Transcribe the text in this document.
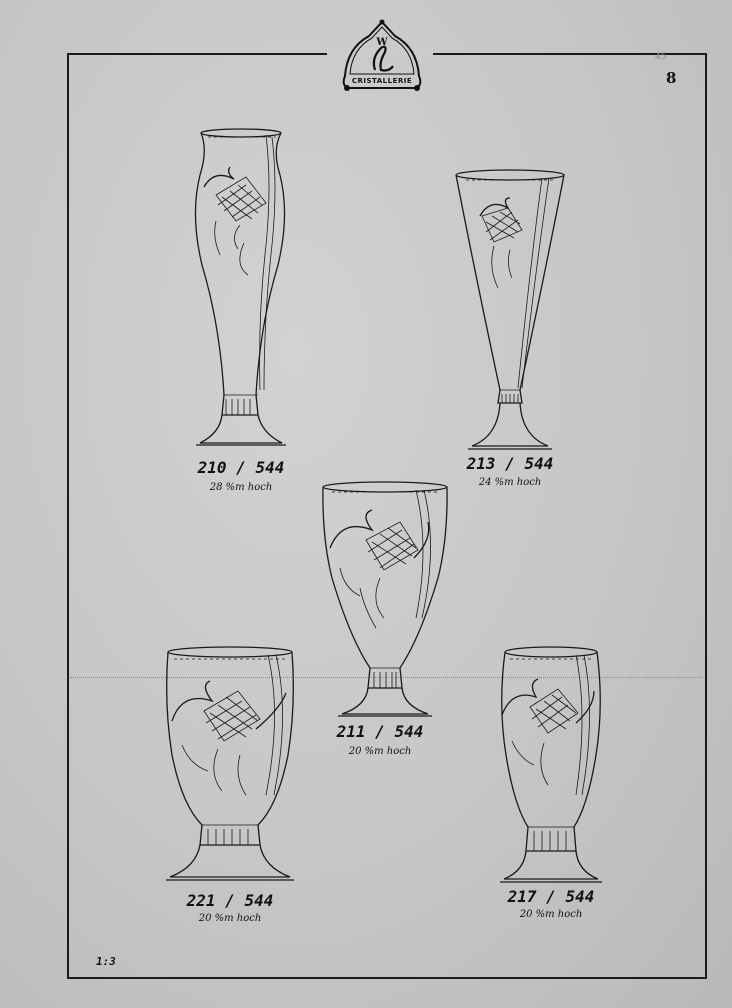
W
CRISTALLERIE
45
8
210 / 544
28 %m hoch
213 / 544
24 %m hoch
211 / 544
20 %m hoch
221 / 544
20 %m hoch
217 / 544
20 %m hoch
1:3
